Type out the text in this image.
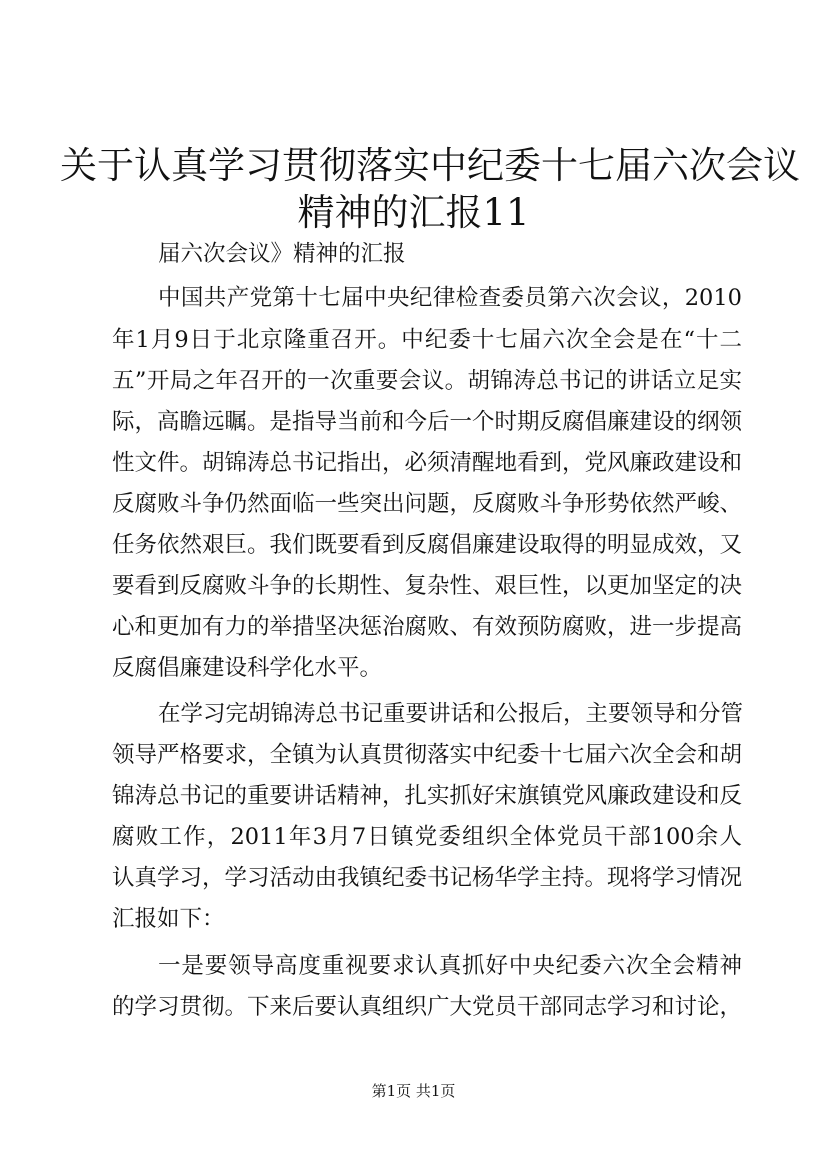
关于认真学习贯彻落实中纪委十七届六次会议
精神的汇报11
届六次会议》精神的汇报
中国共产党第十七届中央纪律检查委员第六次会议，2010
年1月9日于北京隆重召开。中纪委十七届六次全会是在“十二
五”开局之年召开的一次重要会议。胡锦涛总书记的讲话立足实
际，高瞻远瞩。是指导当前和今后一个时期反腐倡廉建设的纲领
性文件。胡锦涛总书记指出，必须清醒地看到，党风廉政建设和
反腐败斗争仍然面临一些突出问题，反腐败斗争形势依然严峻、
任务依然艰巨。我们既要看到反腐倡廉建设取得的明显成效，又
要看到反腐败斗争的长期性、复杂性、艰巨性，以更加坚定的决
心和更加有力的举措坚决惩治腐败、有效预防腐败，进一步提高
反腐倡廉建设科学化水平。
在学习完胡锦涛总书记重要讲话和公报后，主要领导和分管
领导严格要求，全镇为认真贯彻落实中纪委十七届六次全会和胡
锦涛总书记的重要讲话精神，扎实抓好宋旗镇党风廉政建设和反
腐败工作，2011年3月7日镇党委组织全体党员干部100余人
认真学习，学习活动由我镇纪委书记杨华学主持。现将学习情况
汇报如下：
一是要领导高度重视要求认真抓好中央纪委六次全会精神
的学习贯彻。下来后要认真组织广大党员干部同志学习和讨论，
第1页 共1页
